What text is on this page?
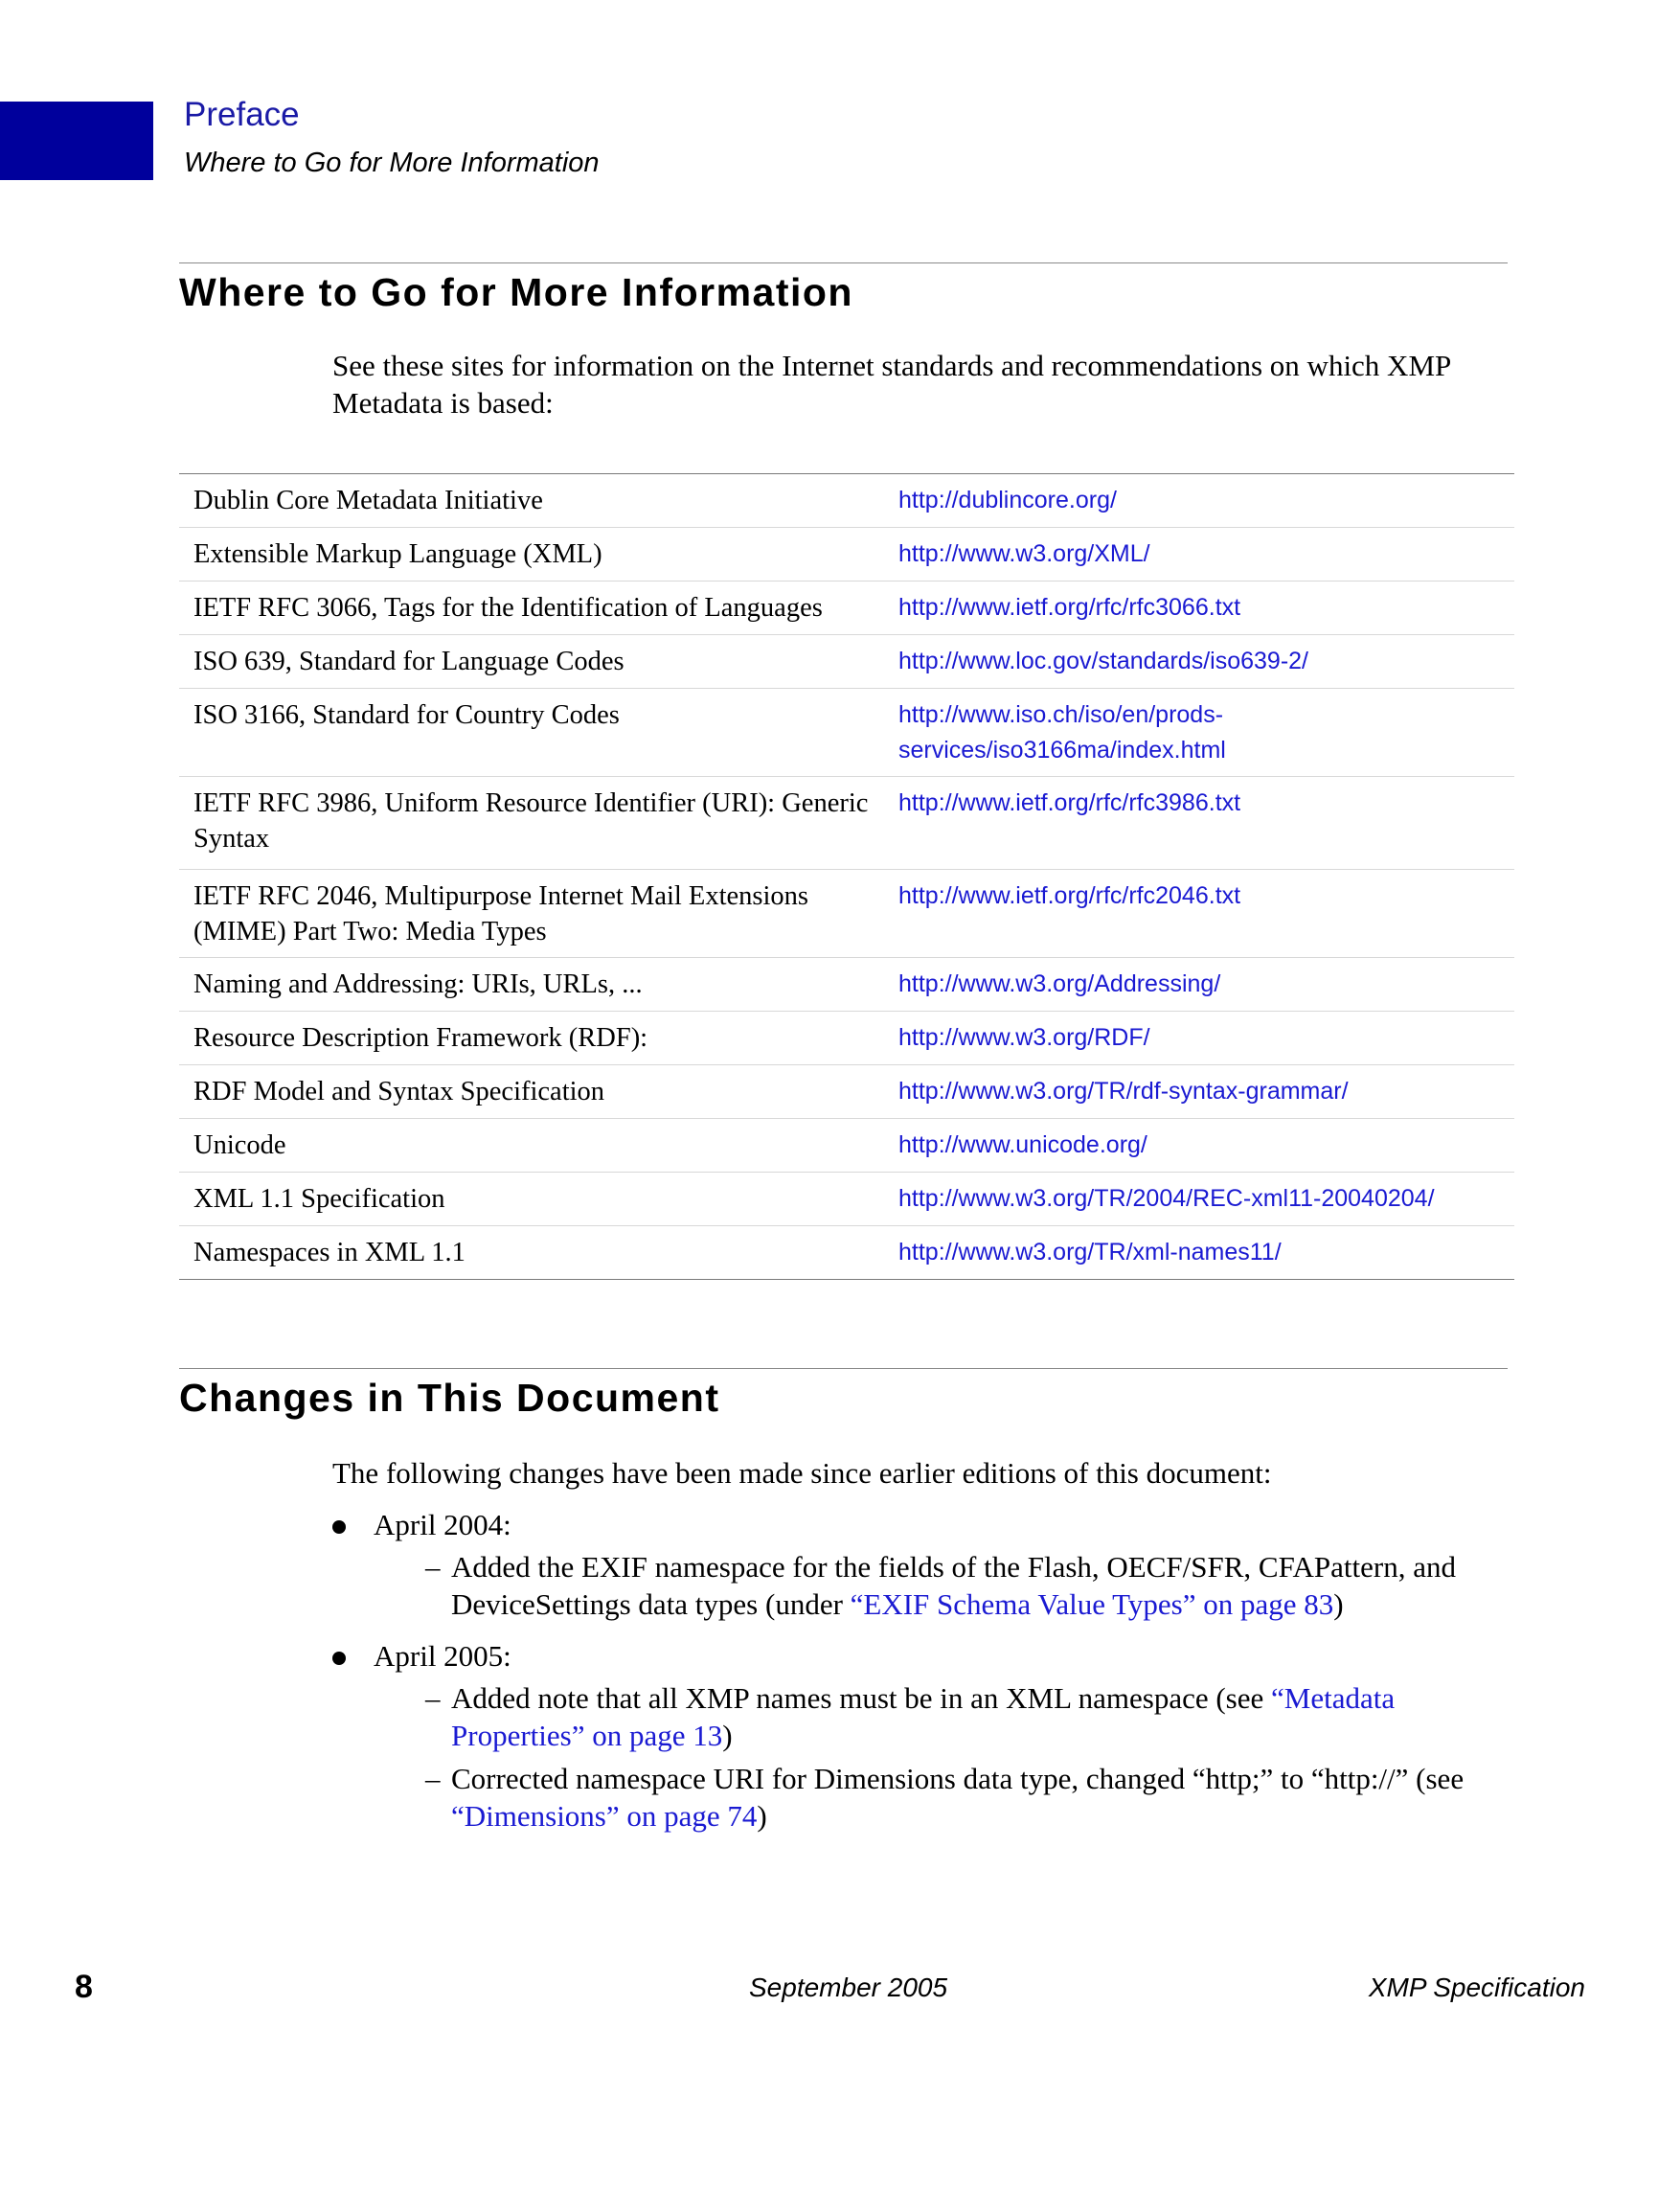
Preface
Where to Go for More Information
Where to Go for More Information
See these sites for information on the Internet standards and recommendations on which XMP Metadata is based:
Dublin Core Metadata Initiative	http://dublincore.org/
Extensible Markup Language (XML)	http://www.w3.org/XML/
IETF RFC 3066, Tags for the Identification of Languages	http://www.ietf.org/rfc/rfc3066.txt
ISO 639, Standard for Language Codes	http://www.loc.gov/standards/iso639-2/
ISO 3166, Standard for Country Codes	http://www.iso.ch/iso/en/prods-services/iso3166ma/index.html
IETF RFC 3986, Uniform Resource Identifier (URI): Generic Syntax	http://www.ietf.org/rfc/rfc3986.txt
IETF RFC 2046, Multipurpose Internet Mail Extensions (MIME) Part Two: Media Types	http://www.ietf.org/rfc/rfc2046.txt
Naming and Addressing: URIs, URLs, ...	http://www.w3.org/Addressing/
Resource Description Framework (RDF):	http://www.w3.org/RDF/
RDF Model and Syntax Specification	http://www.w3.org/TR/rdf-syntax-grammar/
Unicode	http://www.unicode.org/
XML 1.1 Specification	http://www.w3.org/TR/2004/REC-xml11-20040204/
Namespaces in XML 1.1	http://www.w3.org/TR/xml-names11/
Changes in This Document
The following changes have been made since earlier editions of this document:
April 2004:
– Added the EXIF namespace for the fields of the Flash, OECF/SFR, CFAPattern, and DeviceSettings data types (under “EXIF Schema Value Types” on page 83)
April 2005:
– Added note that all XMP names must be in an XML namespace (see “Metadata Properties” on page 13)
– Corrected namespace URI for Dimensions data type, changed “http;” to “http://” (see “Dimensions” on page 74)
8	September 2005	XMP Specification
